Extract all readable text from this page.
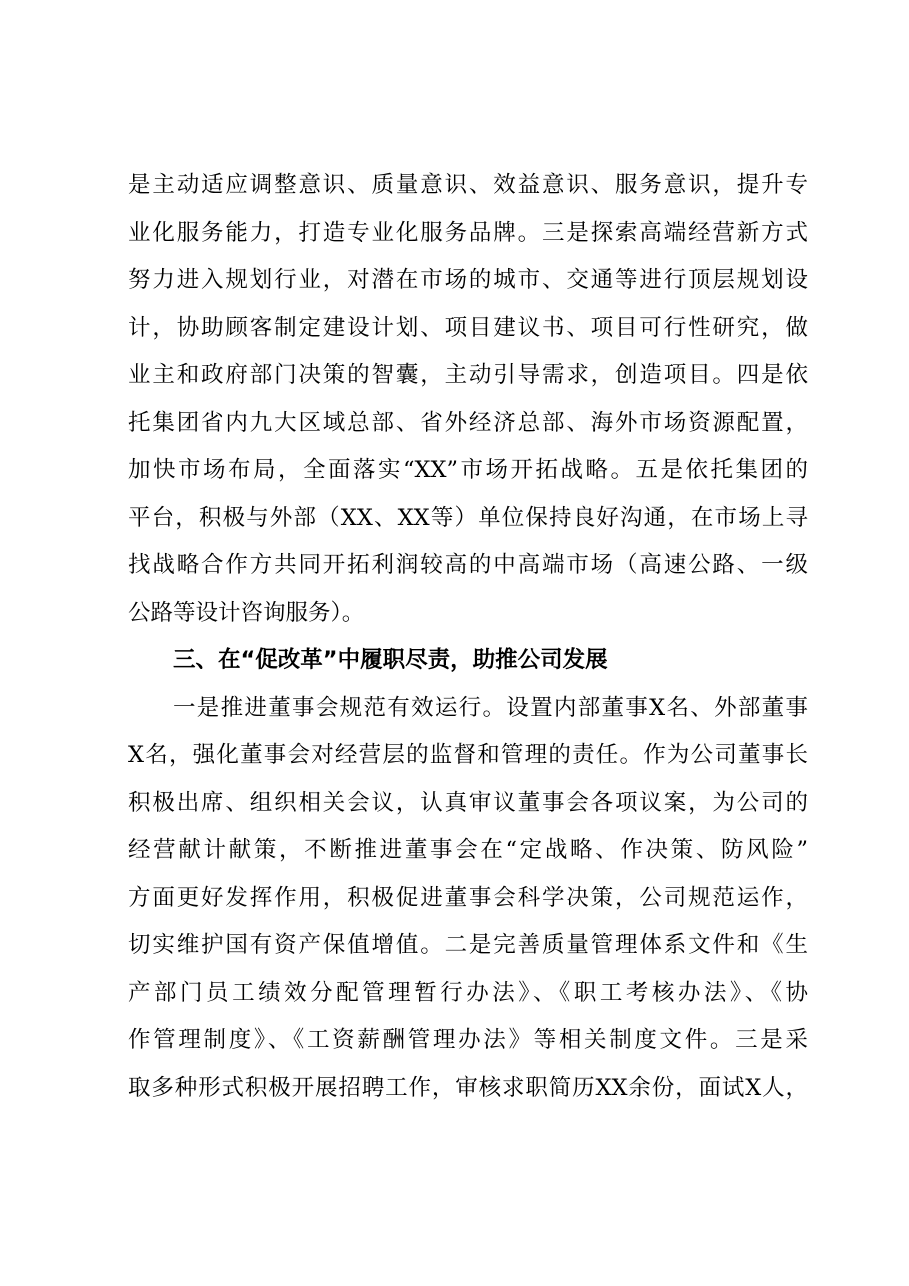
是主动适应调整意识、质量意识、效益意识、服务意识，提升专
业化服务能力，打造专业化服务品牌。三是探索高端经营新方式
努力进入规划行业，对潜在市场的城市、交通等进行顶层规划设
计，协助顾客制定建设计划、项目建议书、项目可行性研究，做
业主和政府部门决策的智囊，主动引导需求，创造项目。四是依
托集团省内九大区域总部、省外经济总部、海外市场资源配置，
加快市场布局，全面落实“XX”市场开拓战略。五是依托集团的
平台，积极与外部（XX、XX等）单位保持良好沟通，在市场上寻
找战略合作方共同开拓利润较高的中高端市场（高速公路、一级
公路等设计咨询服务）。
三、在“促改革”中履职尽责，助推公司发展
一是推进董事会规范有效运行。设置内部董事X名、外部董事
X名，强化董事会对经营层的监督和管理的责任。作为公司董事长
积极出席、组织相关会议，认真审议董事会各项议案，为公司的
经营献计献策，不断推进董事会在“定战略、作决策、防风险”
方面更好发挥作用，积极促进董事会科学决策，公司规范运作，
切实维护国有资产保值增值。二是完善质量管理体系文件和《生
产部门员工绩效分配管理暂行办法》、《职工考核办法》、《协
作管理制度》、《工资薪酬管理办法》等相关制度文件。三是采
取多种形式积极开展招聘工作，审核求职简历XX余份，面试X人，
